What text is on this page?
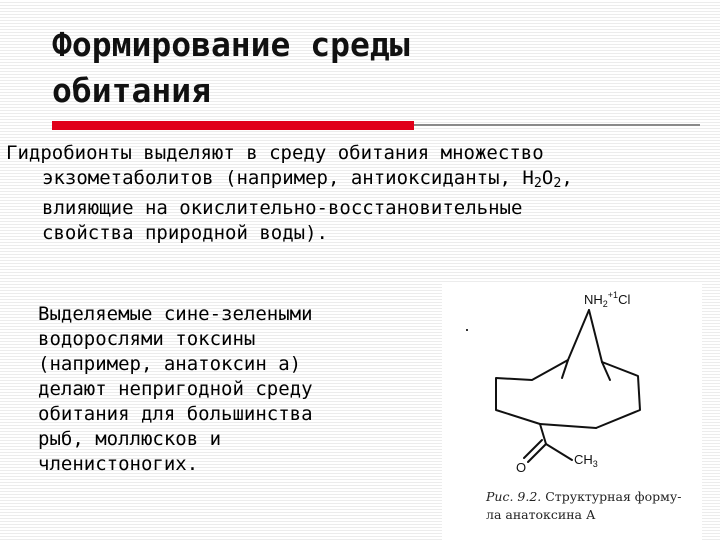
Формирование среды
обитания
Гидробионты выделяют в среду обитания множество
экзометаболитов (например, антиоксиданты, $Н_2О_2$,
влияющие на окислительно-восстановительные
свойства природной воды).
Выделяемые сине-зелеными
водорослями токсины
(например, анатоксин а)
делают непригодной среду
обитания для большинства
рыб, моллюсков и
членистоногих.
$NH_2^{+1}Cl$
O
$CH_3$
Рис. 9.2. Структурная форму-
ла анатоксина А
